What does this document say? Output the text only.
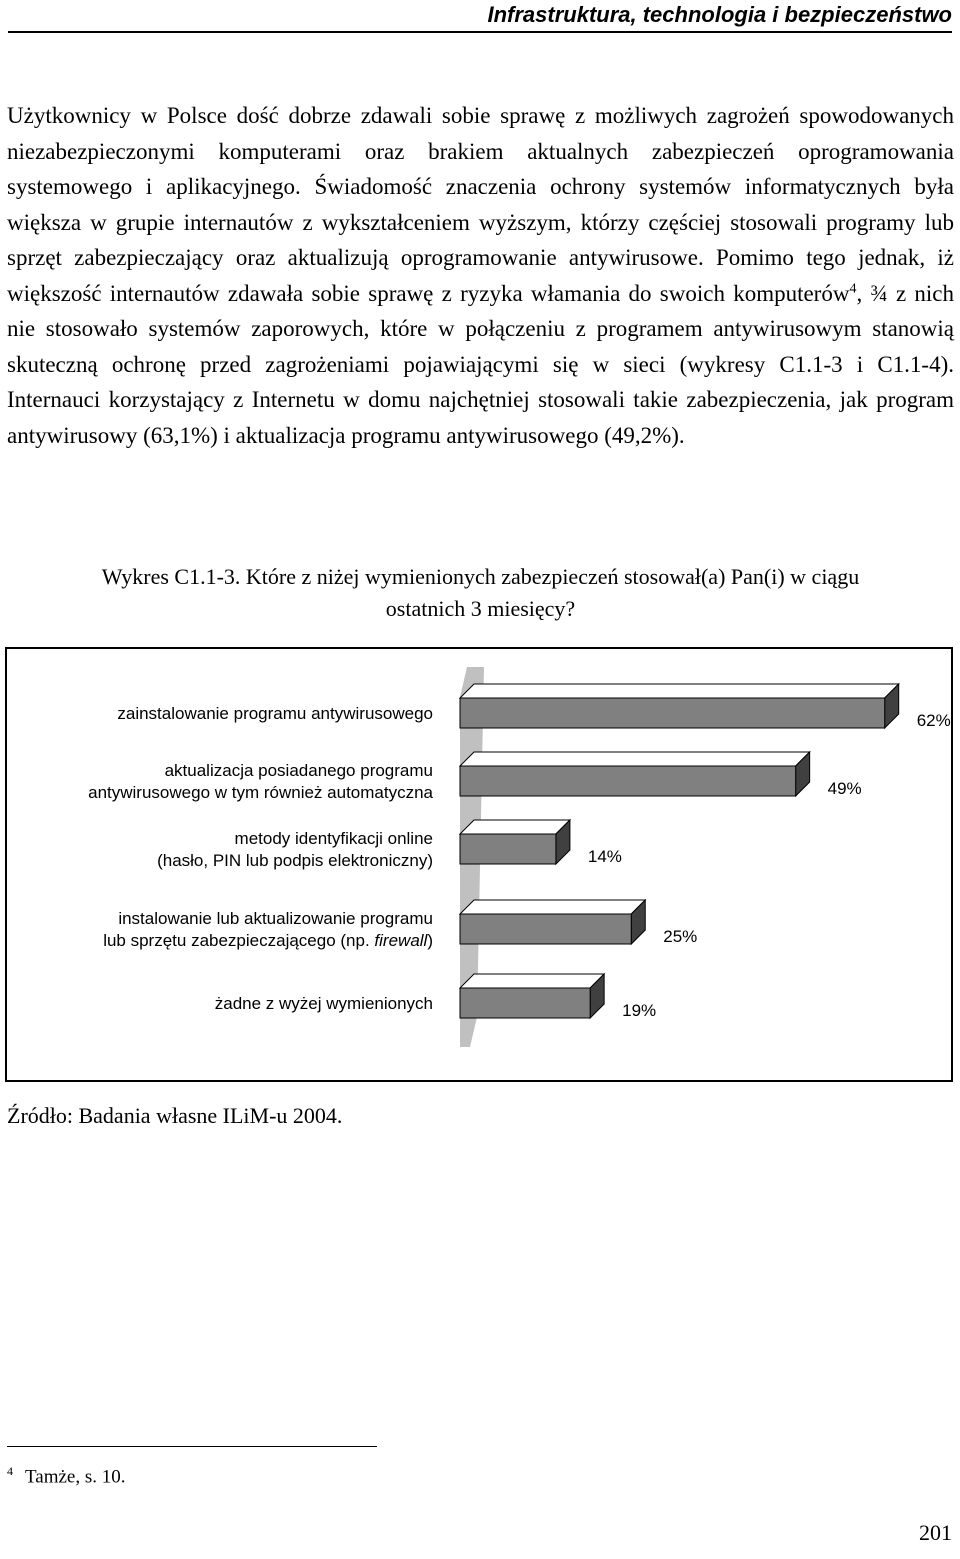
Infrastruktura, technologia i bezpieczeństwo

Użytkownicy w Polsce dość dobrze zdawali sobie sprawę z możliwych zagrożeń spowodowanych niezabezpieczonymi komputerami oraz brakiem aktualnych zabezpieczeń oprogramowania systemowego i aplikacyjnego. Świadomość znaczenia ochrony systemów informatycznych była większa w grupie internautów z wykształceniem wyższym, którzy częściej stosowali programy lub sprzęt zabezpieczający oraz aktualizują oprogramowanie antywirusowe. Pomimo tego jednak, iż większość internautów zdawała sobie sprawę z ryzyka włamania do swoich komputerów$^4$, ¾ z nich nie stosowało systemów zaporowych, które w połączeniu z programem antywirusowym stanowią skuteczną ochronę przed zagrożeniami pojawiającymi się w sieci (wykresy C1.1-3 i C1.1-4). Internauci korzystający z Internetu w domu najchętniej stosowali takie zabezpieczenia, jak program antywirusowy (63,1%) i aktualizacja programu antywirusowego (49,2%).

Wykres C1.1-3. Które z niżej wymienionych zabezpieczeń stosował(a) Pan(i) w ciągu
ostatnich 3 miesięcy?
62%
zainstalowanie programu antywirusowego
49%
aktualizacja posiadanego programu
antywirusowego w tym również automatyczna
14%
metody identyfikacji online
(hasło, PIN lub podpis elektroniczny)
25%
instalowanie lub aktualizowanie programu
lub sprzętu zabezpieczającego (np. firewall)
19%
żadne z wyżej wymienionych
Źródło: Badania własne ILiM-u 2004.
$^4$ Tamże, s. 10.
201
